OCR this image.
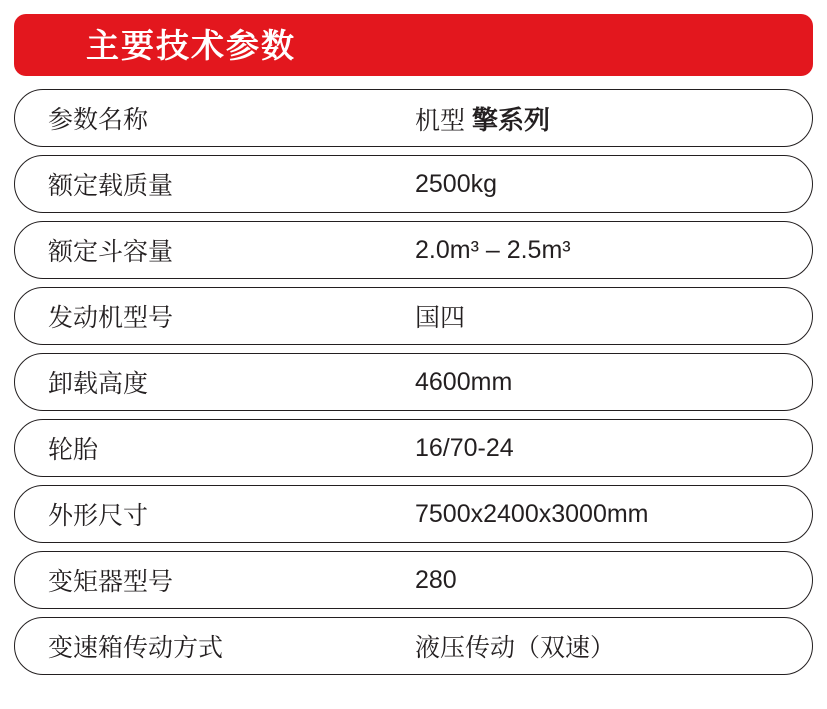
主要技术参数
参数名称	机型 擎系列
额定载质量	2500kg
额定斗容量	2.0m³ – 2.5m³
发动机型号	国四
卸载高度	4600mm
轮胎	16/70-24
外形尺寸	7500x2400x3000mm
变矩器型号	280
变速箱传动方式	液压传动（双速）
